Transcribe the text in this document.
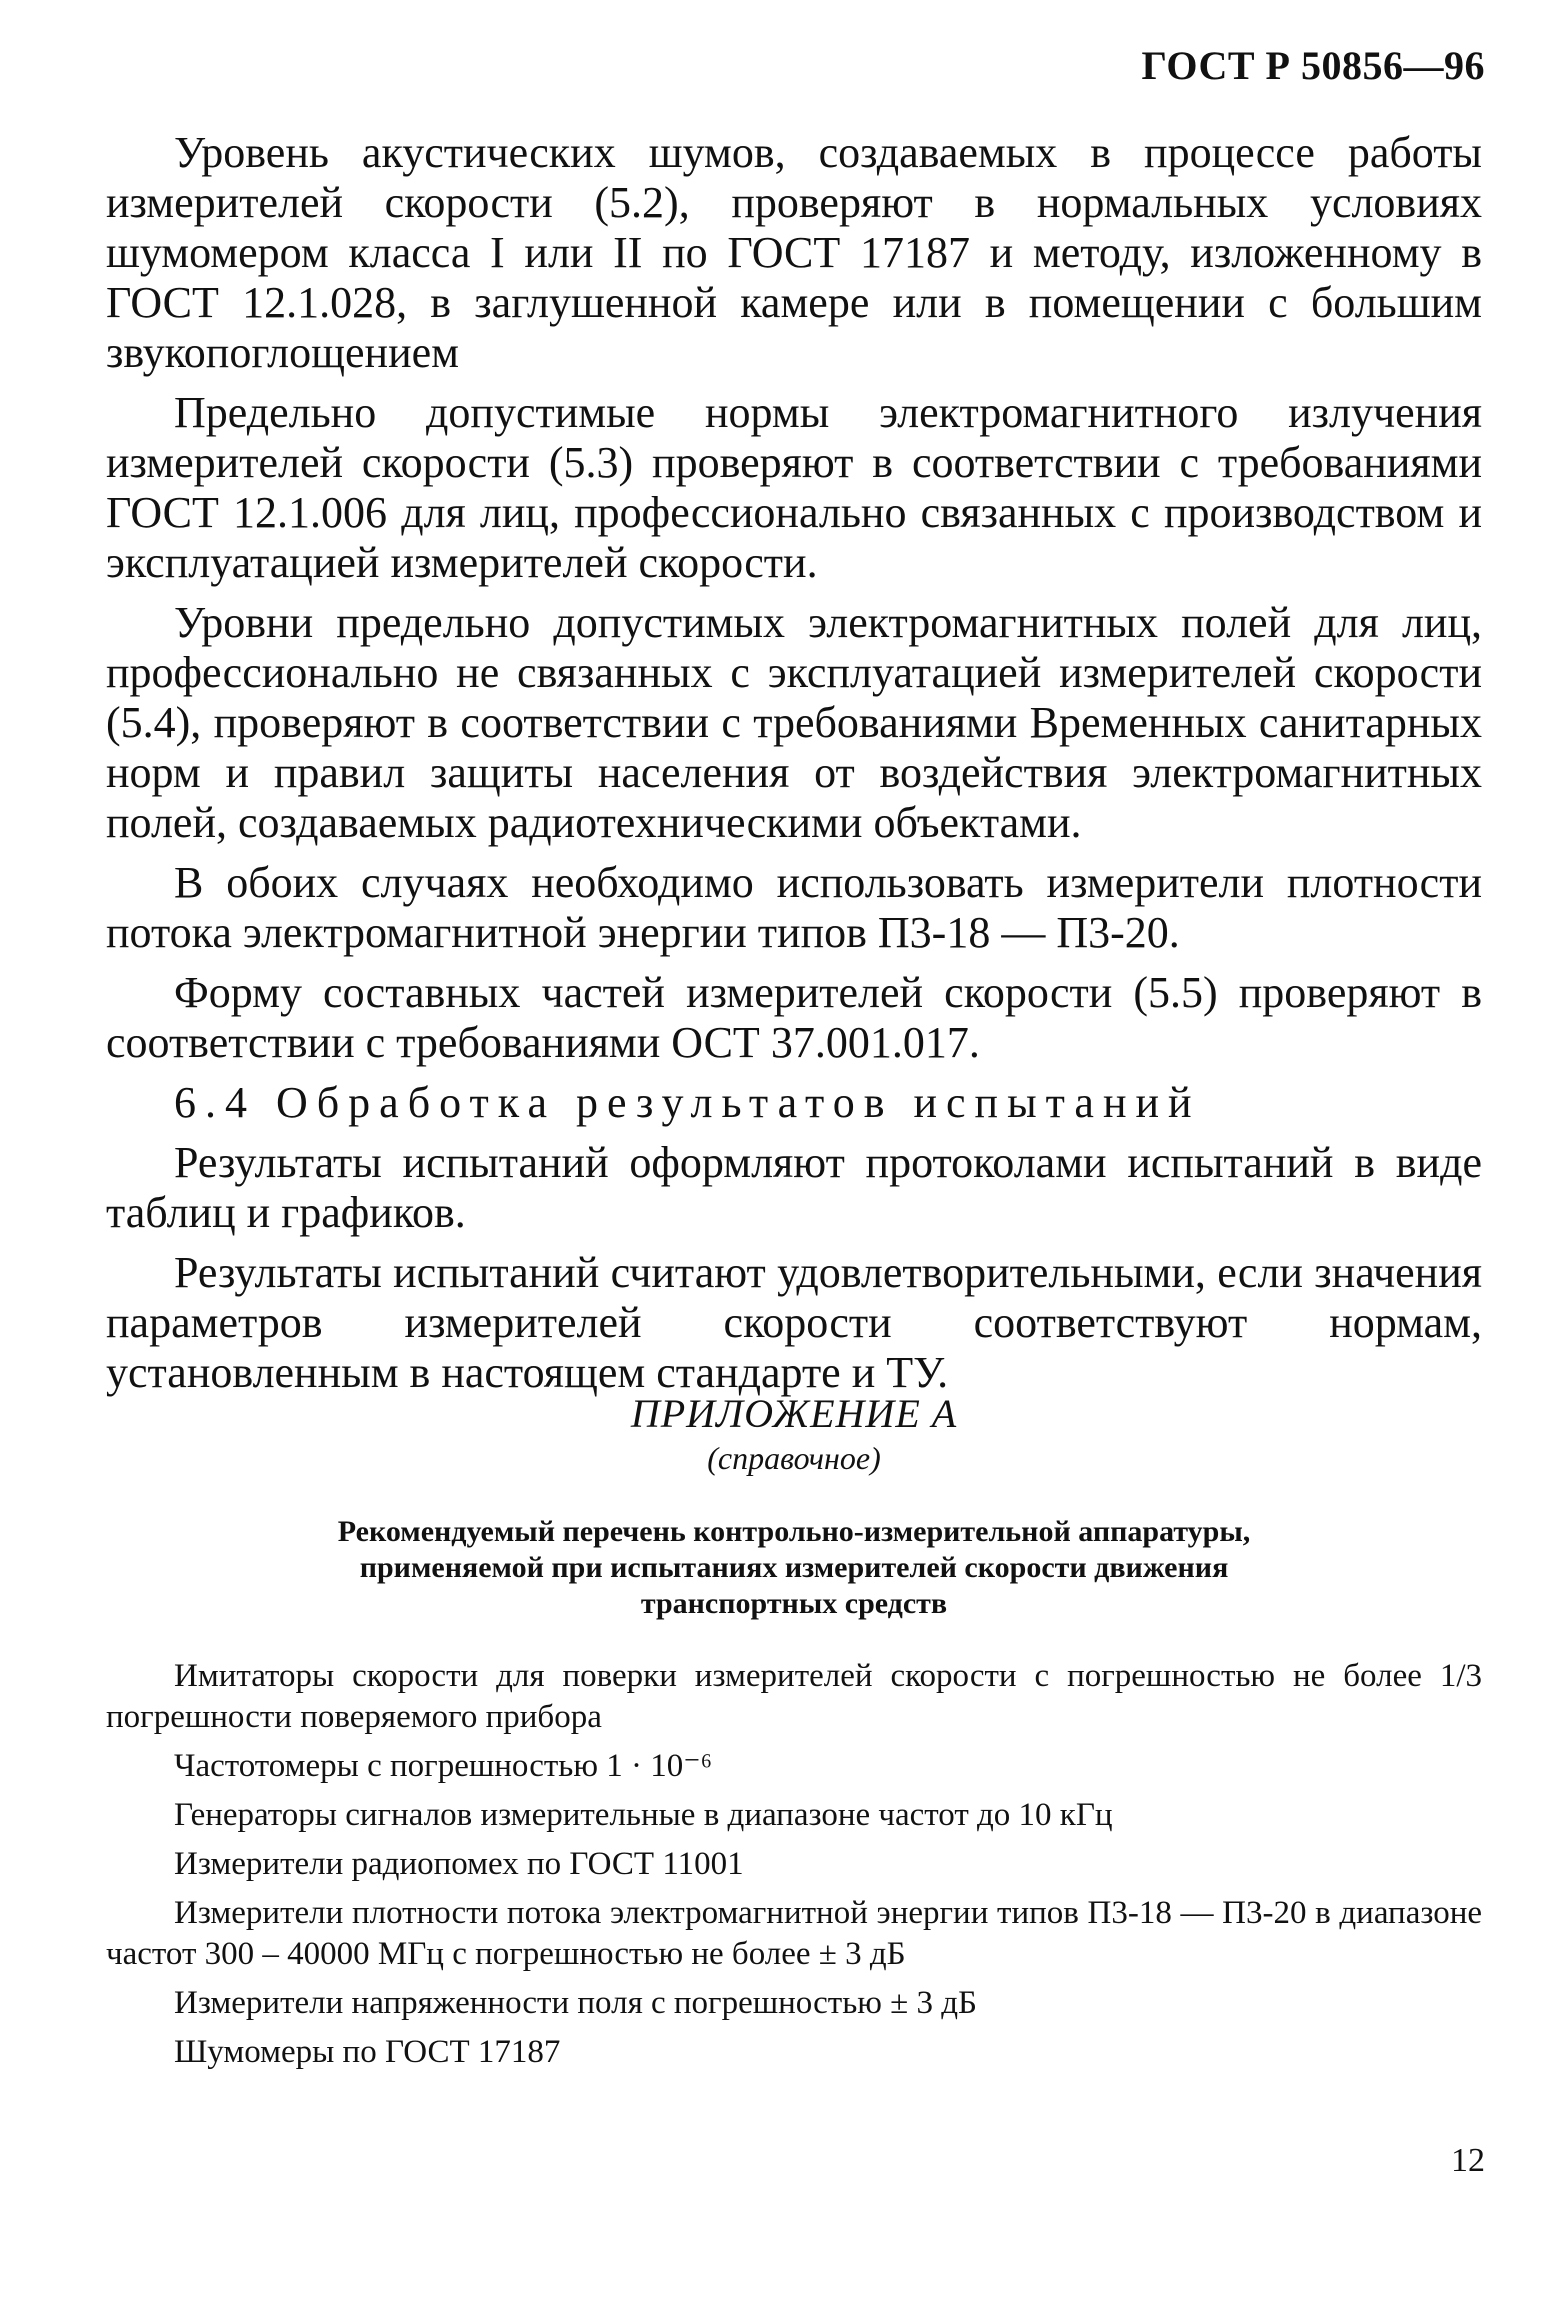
ГОСТ Р 50856—96

Уровень акустических шумов, создаваемых в процессе работы измерителей скорости (5.2), проверяют в нормальных условиях шумомером класса I или II по ГОСТ 17187 и методу, изложенному в ГОСТ 12.1.028, в заглушенной камере или в помещении с большим звукопоглощением

Предельно допустимые нормы электромагнитного излучения измерителей скорости (5.3) проверяют в соответствии с требованиями ГОСТ 12.1.006 для лиц, профессионально связанных с производством и эксплуатацией измерителей скорости.

Уровни предельно допустимых электромагнитных полей для лиц, профессионально не связанных с эксплуатацией измерителей скорости (5.4), проверяют в соответствии с требованиями Временных санитарных норм и правил защиты населения от воздействия электромагнитных полей, создаваемых радиотехническими объектами.

В обоих случаях необходимо использовать измерители плотности потока электромагнитной энергии типов П3-18 — П3-20.

Форму составных частей измерителей скорости (5.5) проверяют в соответствии с требованиями ОСТ 37.001.017.

6.4 Обработка результатов испытаний

Результаты испытаний оформляют протоколами испытаний в виде таблиц и графиков.

Результаты испытаний считают удовлетворительными, если значения параметров измерителей скорости соответствуют нормам, установленным в настоящем стандарте и ТУ.

ПРИЛОЖЕНИЕ А
(справочное)
Рекомендуемый перечень контрольно-измерительной аппаратуры, применяемой при испытаниях измерителей скорости движения транспортных средств
Имитаторы скорости для поверки измерителей скорости с погрешностью не более 1/3 погрешности поверяемого прибора
Частотомеры с погрешностью 1 · 10⁻⁶
Генераторы сигналов измерительные в диапазоне частот до 10 кГц
Измерители радиопомех по ГОСТ 11001
Измерители плотности потока электромагнитной энергии типов П3-18 — П3-20 в диапазоне частот 300 – 40000 МГц с погрешностью не более ± 3 дБ
Измерители напряженности поля с погрешностью ± 3 дБ
Шумомеры по ГОСТ 17187
12
